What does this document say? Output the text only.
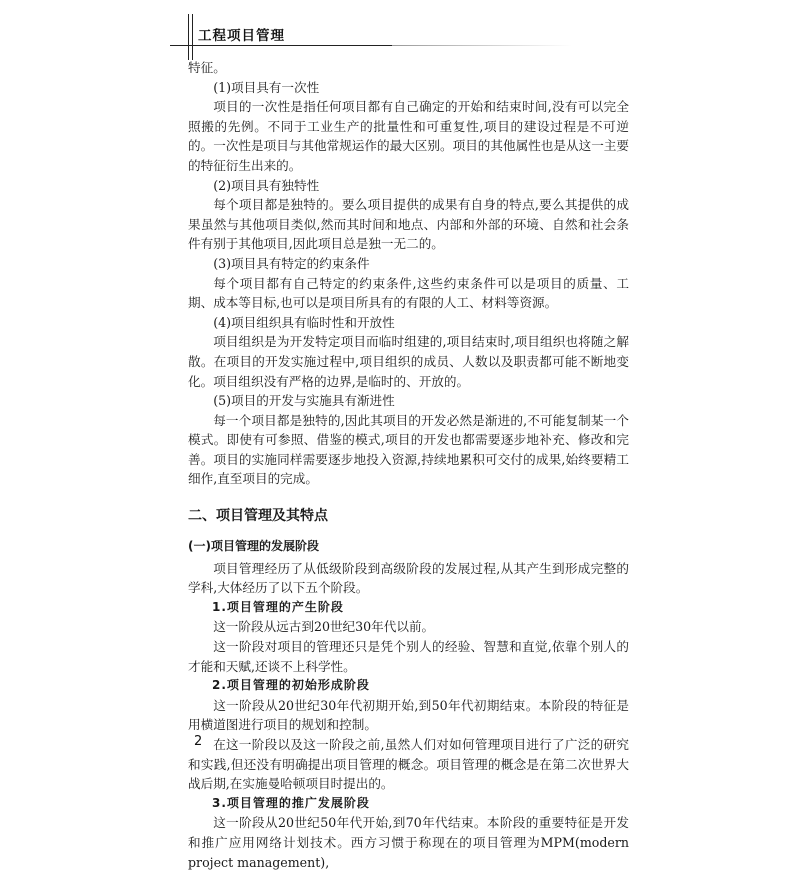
工程项目管理

特征。

(1)项目具有一次性

项目的一次性是指任何项目都有自己确定的开始和结束时间,没有可以完全照搬的先例。不同于工业生产的批量性和可重复性,项目的建设过程是不可逆的。一次性是项目与其他常规运作的最大区别。项目的其他属性也是从这一主要的特征衍生出来的。

(2)项目具有独特性

每个项目都是独特的。要么项目提供的成果有自身的特点,要么其提供的成果虽然与其他项目类似,然而其时间和地点、内部和外部的环境、自然和社会条件有别于其他项目,因此项目总是独一无二的。

(3)项目具有特定的约束条件

每个项目都有自己特定的约束条件,这些约束条件可以是项目的质量、工期、成本等目标,也可以是项目所具有的有限的人工、材料等资源。

(4)项目组织具有临时性和开放性

项目组织是为开发特定项目而临时组建的,项目结束时,项目组织也将随之解散。在项目的开发实施过程中,项目组织的成员、人数以及职责都可能不断地变化。项目组织没有严格的边界,是临时的、开放的。

(5)项目的开发与实施具有渐进性

每一个项目都是独特的,因此其项目的开发必然是渐进的,不可能复制某一个模式。即使有可参照、借鉴的模式,项目的开发也都需要逐步地补充、修改和完善。项目的实施同样需要逐步地投入资源,持续地累积可交付的成果,始终要精工细作,直至项目的完成。

二、项目管理及其特点

(一)项目管理的发展阶段

项目管理经历了从低级阶段到高级阶段的发展过程,从其产生到形成完整的学科,大体经历了以下五个阶段。

1.项目管理的产生阶段

这一阶段从远古到20世纪30年代以前。

这一阶段对项目的管理还只是凭个别人的经验、智慧和直觉,依靠个别人的才能和天赋,还谈不上科学性。

2.项目管理的初始形成阶段

这一阶段从20世纪30年代初期开始,到50年代初期结束。本阶段的特征是用横道图进行项目的规划和控制。

在这一阶段以及这一阶段之前,虽然人们对如何管理项目进行了广泛的研究和实践,但还没有明确提出项目管理的概念。项目管理的概念是在第二次世界大战后期,在实施曼哈顿项目时提出的。

3.项目管理的推广发展阶段

这一阶段从20世纪50年代开始,到70年代结束。本阶段的重要特征是开发和推广应用网络计划技术。西方习惯于称现在的项目管理为MPM(modern project management),

2
